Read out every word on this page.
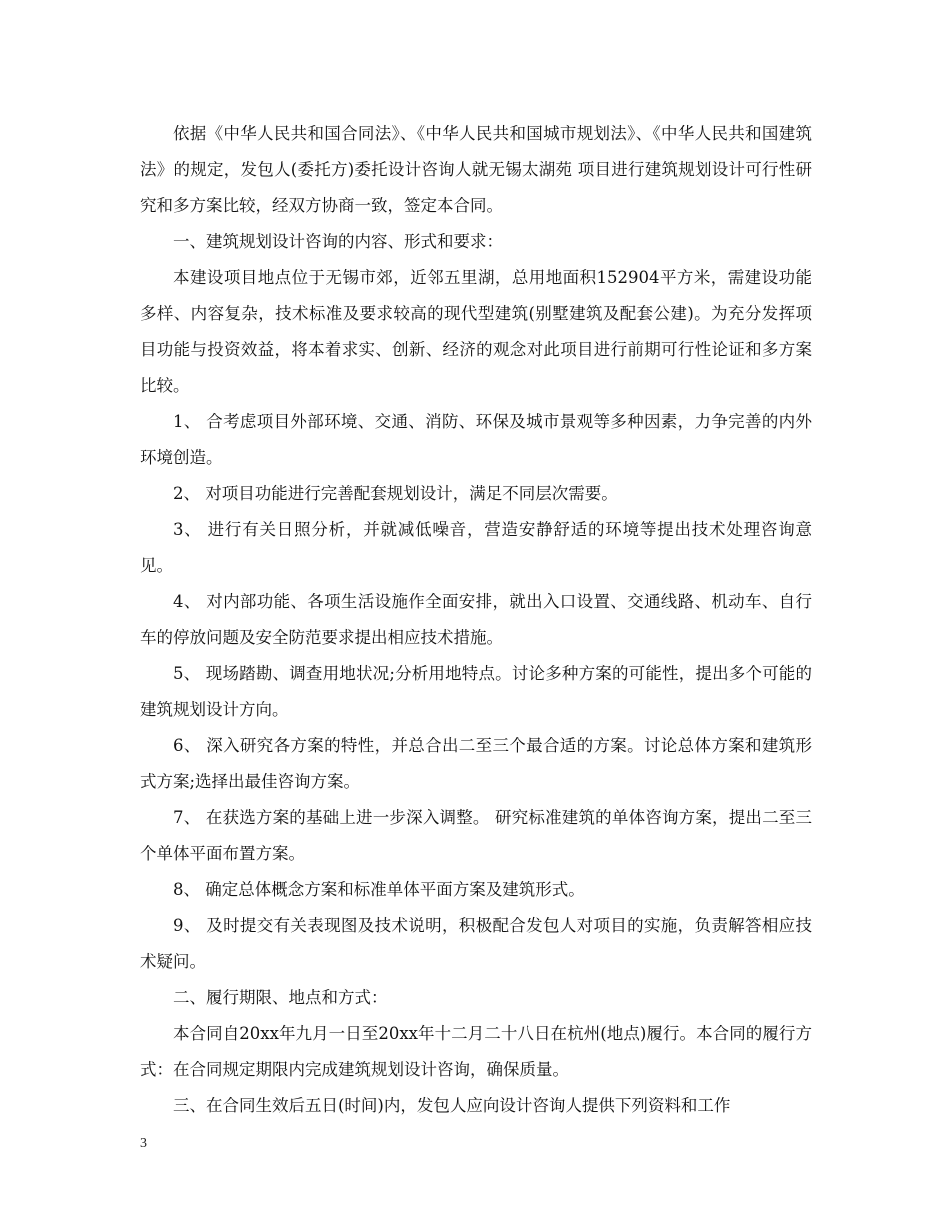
依据《中华人民共和国合同法》、《中华人民共和国城市规划法》、《中华人民共和国建筑法》的规定，发包人(委托方)委托设计咨询人就无锡太湖苑 项目进行建筑规划设计可行性研究和多方案比较，经双方协商一致，签定本合同。

一、建筑规划设计咨询的内容、形式和要求：

本建设项目地点位于无锡市郊，近邻五里湖，总用地面积152904平方米，需建设功能多样、内容复杂，技术标准及要求较高的现代型建筑(别墅建筑及配套公建)。为充分发挥项目功能与投资效益，将本着求实、创新、经济的观念对此项目进行前期可行性论证和多方案比较。

1、 合考虑项目外部环境、交通、消防、环保及城市景观等多种因素，力争完善的内外环境创造。

2、 对项目功能进行完善配套规划设计，满足不同层次需要。

3、 进行有关日照分析，并就减低噪音，营造安静舒适的环境等提出技术处理咨询意见。

4、 对内部功能、各项生活设施作全面安排，就出入口设置、交通线路、机动车、自行车的停放问题及安全防范要求提出相应技术措施。

5、 现场踏勘、调查用地状况;分析用地特点。讨论多种方案的可能性，提出多个可能的建筑规划设计方向。

6、 深入研究各方案的特性，并总合出二至三个最合适的方案。讨论总体方案和建筑形式方案;选择出最佳咨询方案。

7、 在获选方案的基础上进一步深入调整。 研究标准建筑的单体咨询方案，提出二至三个单体平面布置方案。

8、 确定总体概念方案和标准单体平面方案及建筑形式。

9、 及时提交有关表现图及技术说明，积极配合发包人对项目的实施，负责解答相应技术疑问。

二、履行期限、地点和方式：

本合同自20xx年九月一日至20xx年十二月二十八日在杭州(地点)履行。本合同的履行方式：在合同规定期限内完成建筑规划设计咨询，确保质量。

三、在合同生效后五日(时间)内，发包人应向设计咨询人提供下列资料和工作

3
